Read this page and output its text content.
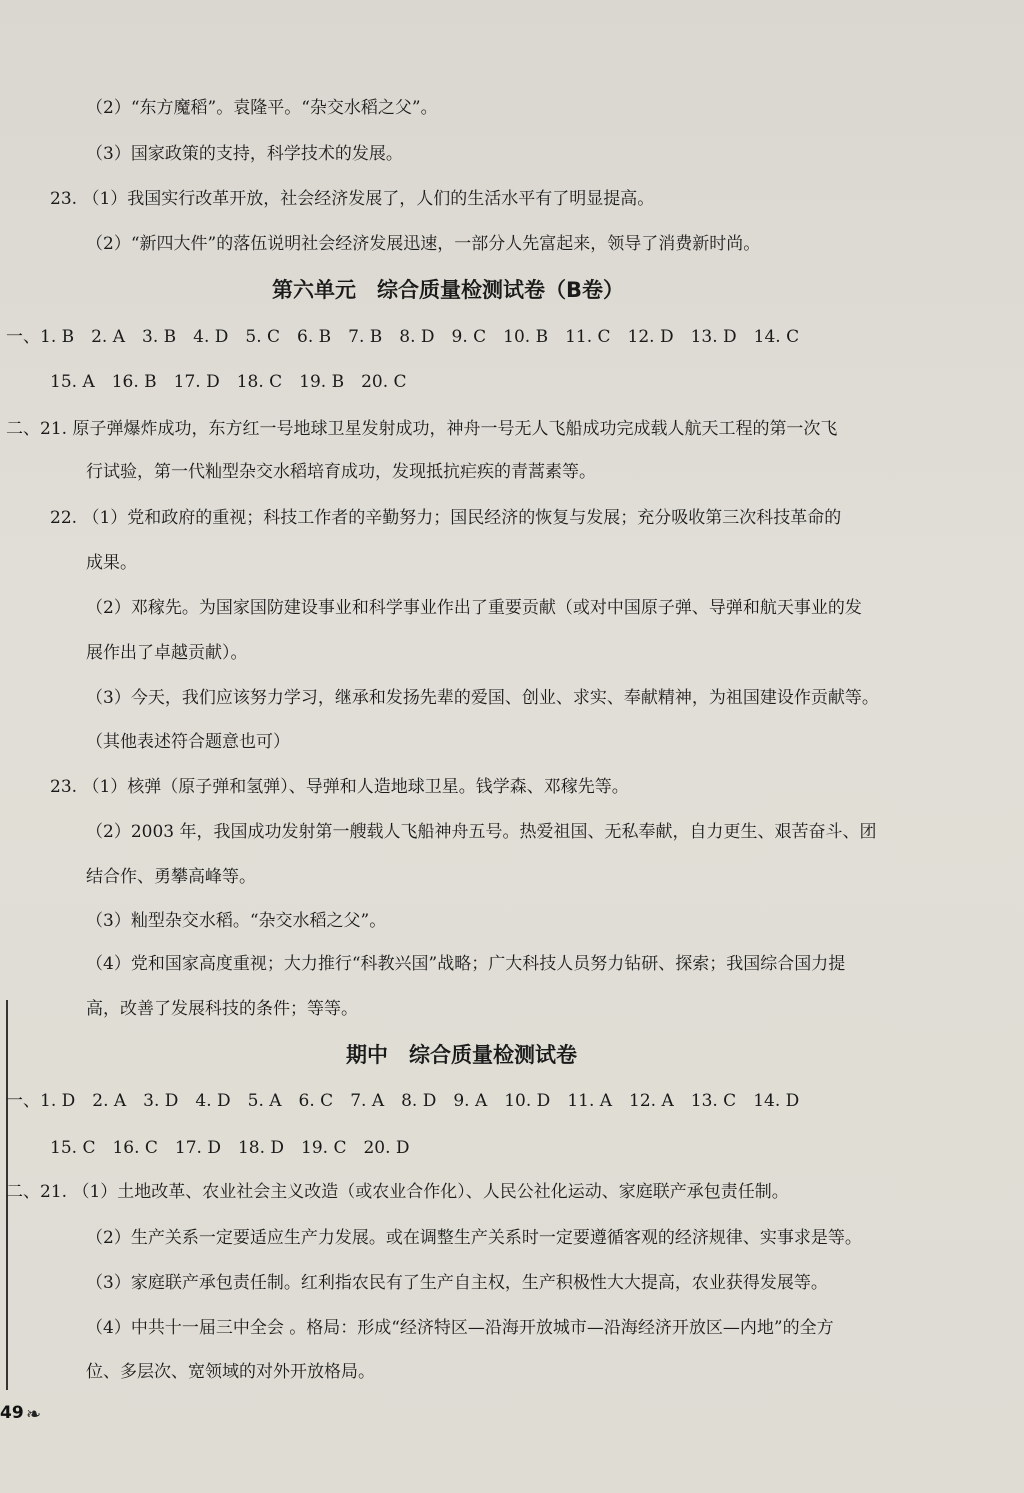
（2）“东方魔稻”。袁隆平。“杂交水稻之父”。
（3）国家政策的支持，科学技术的发展。
23. （1）我国实行改革开放，社会经济发展了，人们的生活水平有了明显提高。
（2）“新四大件”的落伍说明社会经济发展迅速，一部分人先富起来，领导了消费新时尚。
第六单元　综合质量检测试卷（B卷）
一、1. B　2. A　3. B　4. D　5. C　6. B　7. B　8. D　9. C　10. B　11. C　12. D　13. D　14. C
15. A　16. B　17. D　18. C　19. B　20. C
二、21. 原子弹爆炸成功，东方红一号地球卫星发射成功，神舟一号无人飞船成功完成载人航天工程的第一次飞
行试验，第一代籼型杂交水稻培育成功，发现抵抗疟疾的青蒿素等。
22. （1）党和政府的重视；科技工作者的辛勤努力；国民经济的恢复与发展；充分吸收第三次科技革命的
成果。
（2）邓稼先。为国家国防建设事业和科学事业作出了重要贡献（或对中国原子弹、导弹和航天事业的发
展作出了卓越贡献）。
（3）今天，我们应该努力学习，继承和发扬先辈的爱国、创业、求实、奉献精神，为祖国建设作贡献等。
（其他表述符合题意也可）
23. （1）核弹（原子弹和氢弹）、导弹和人造地球卫星。钱学森、邓稼先等。
（2）2003 年，我国成功发射第一艘载人飞船神舟五号。热爱祖国、无私奉献，自力更生、艰苦奋斗、团
结合作、勇攀高峰等。
（3）籼型杂交水稻。“杂交水稻之父”。
（4）党和国家高度重视；大力推行“科教兴国”战略；广大科技人员努力钻研、探索；我国综合国力提
高，改善了发展科技的条件；等等。
期中　综合质量检测试卷
一、1. D　2. A　3. D　4. D　5. A　6. C　7. A　8. D　9. A　10. D　11. A　12. A　13. C　14. D
15. C　16. C　17. D　18. D　19. C　20. D
二、21. （1）土地改革、农业社会主义改造（或农业合作化）、人民公社化运动、家庭联产承包责任制。
（2）生产关系一定要适应生产力发展。或在调整生产关系时一定要遵循客观的经济规律、实事求是等。
（3）家庭联产承包责任制。红利指农民有了生产自主权，生产积极性大大提高，农业获得发展等。
（4）中共十一届三中全会 。格局：形成“经济特区—沿海开放城市—沿海经济开放区—内地”的全方
位、多层次、宽领域的对外开放格局。
49 ❧
